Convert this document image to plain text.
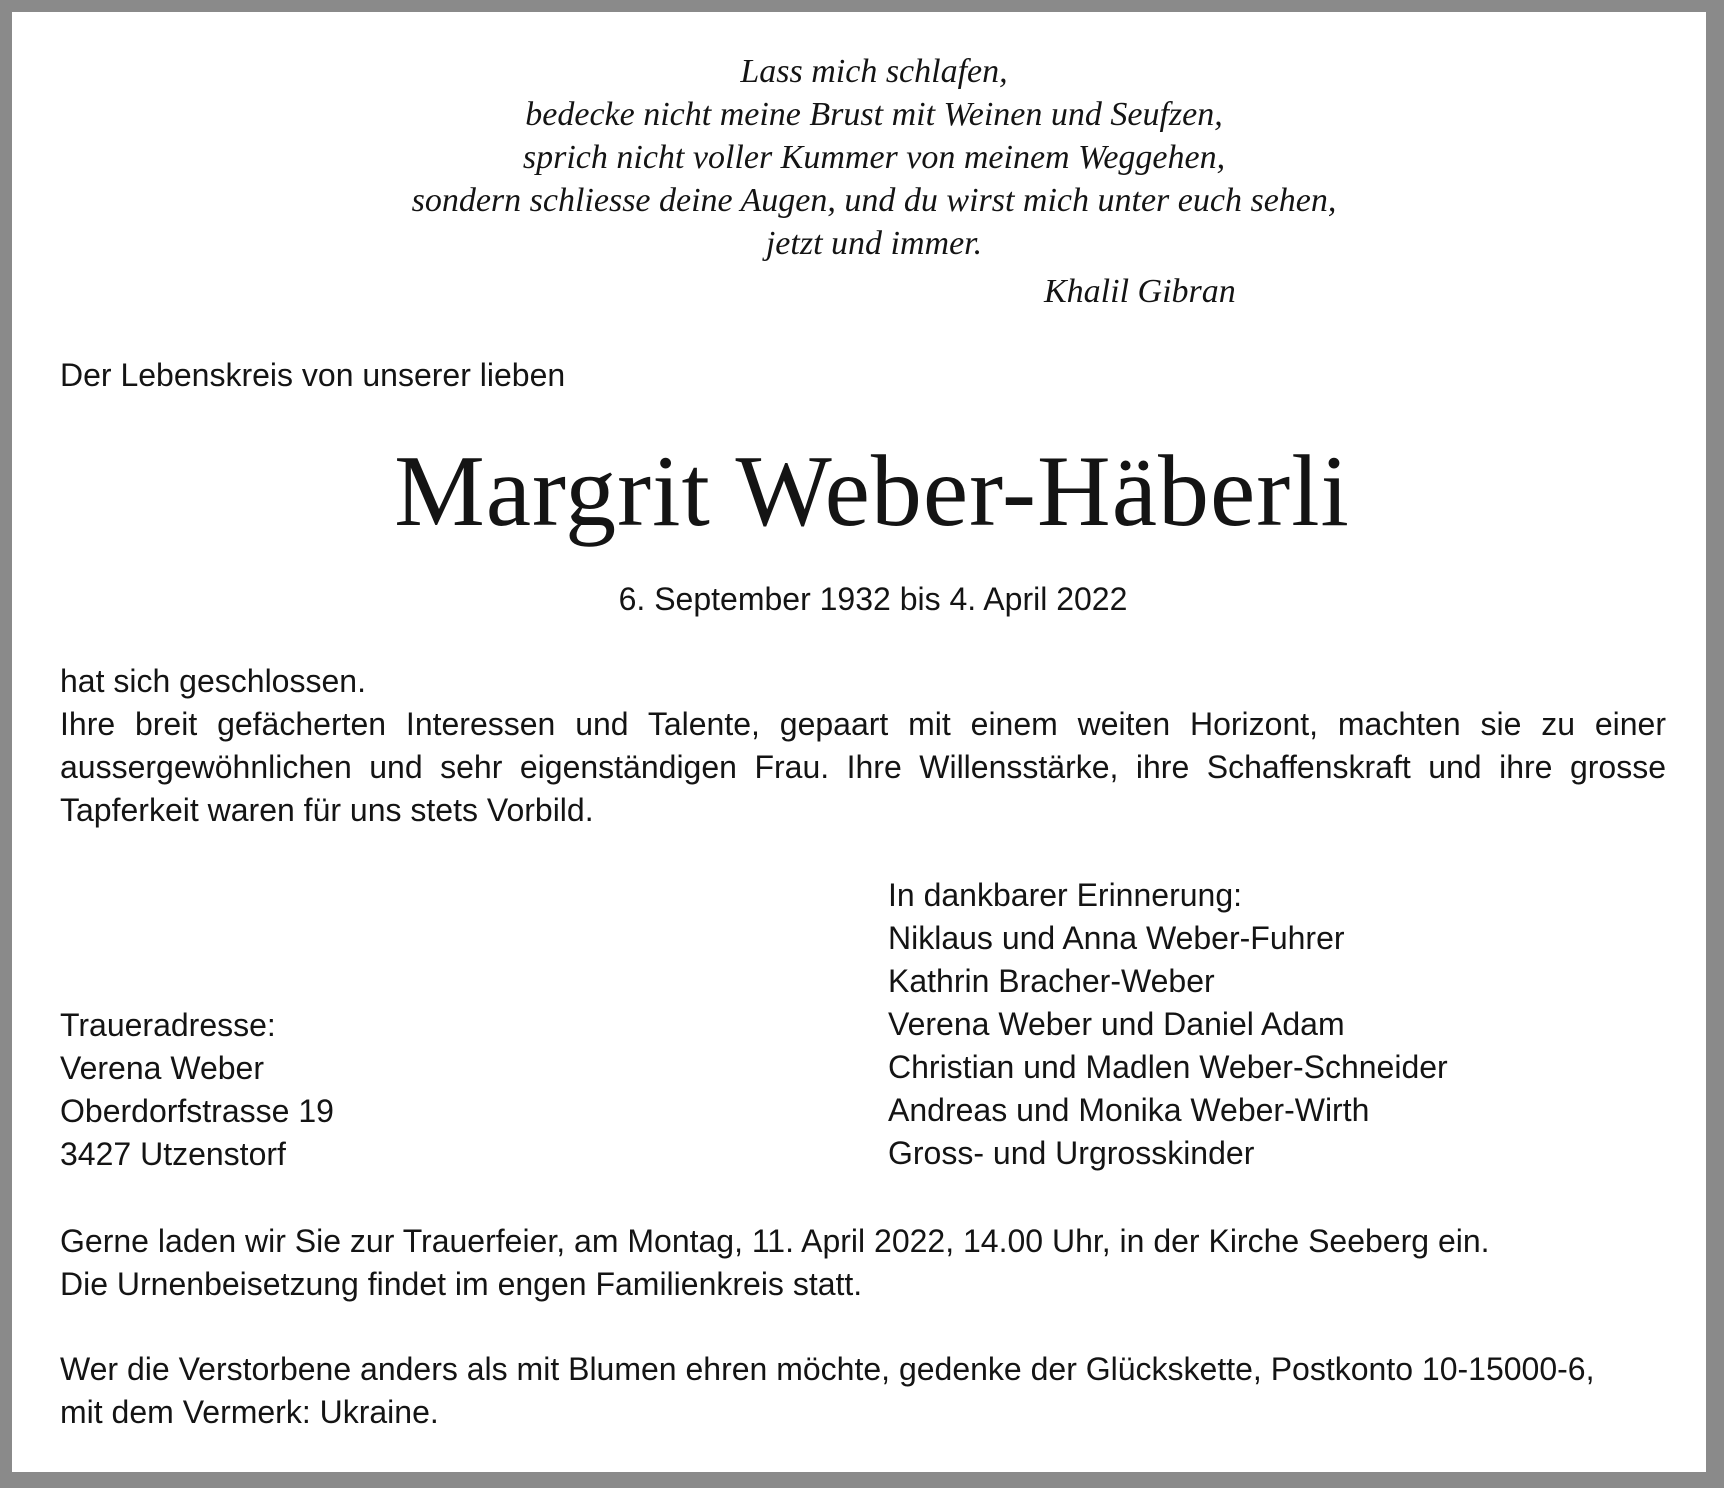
Lass mich schlafen,
bedecke nicht meine Brust mit Weinen und Seufzen,
sprich nicht voller Kummer von meinem Weggehen,
sondern schliesse deine Augen, und du wirst mich unter euch sehen,
jetzt und immer.
Khalil Gibran
Der Lebenskreis von unserer lieben
Margrit Weber-Häberli
6. September 1932 bis 4. April 2022
hat sich geschlossen.
Ihre breit gefächerten Interessen und Talente, gepaart mit einem weiten Horizont, machten sie zu einer aussergewöhnlichen und sehr eigenständigen Frau. Ihre Willensstärke, ihre Schaffenskraft und ihre grosse Tapferkeit waren für uns stets Vorbild.
In dankbarer Erinnerung:
Niklaus und Anna Weber-Fuhrer
Kathrin Bracher-Weber
Verena Weber und Daniel Adam
Christian und Madlen Weber-Schneider
Andreas und Monika Weber-Wirth
Gross- und Urgrosskinder
Traueradresse:
Verena Weber
Oberdorfstrasse 19
3427 Utzenstorf
Gerne laden wir Sie zur Trauerfeier, am Montag, 11. April 2022, 14.00 Uhr, in der Kirche Seeberg ein.
Die Urnenbeisetzung findet im engen Familienkreis statt.
Wer die Verstorbene anders als mit Blumen ehren möchte, gedenke der Glückskette, Postkonto 10-15000-6,
mit dem Vermerk: Ukraine.
